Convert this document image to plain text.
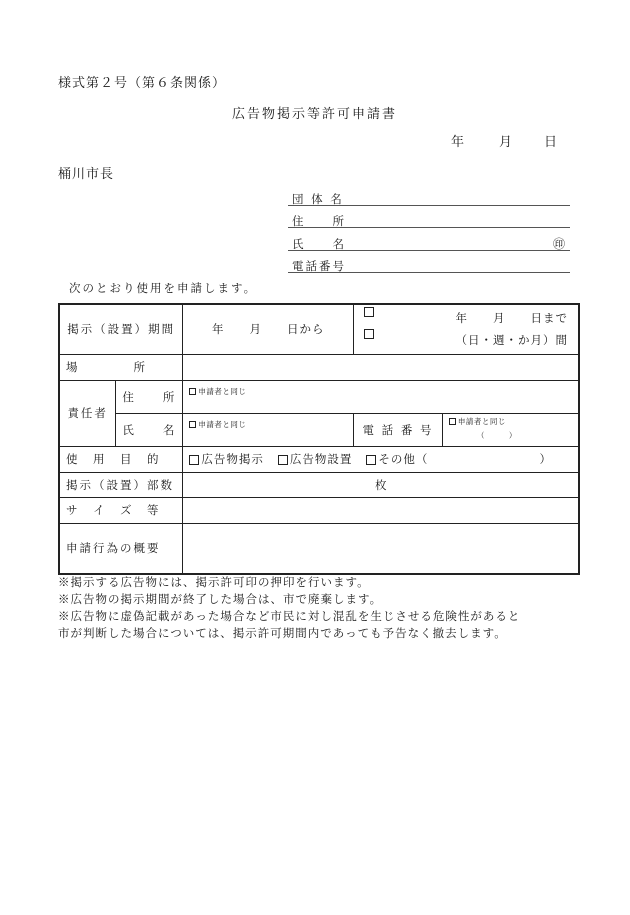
様式第２号（第６条関係）
広告物掲示等許可申請書
年	月 日
桶川市長
団 体 名
住　　所
氏　　名	㊞
電話番号
次のとおり使用を申請します。
掲示（設置）期間		年　　月　　日から	年　　月　　日まで
（日・週・か月）間	

場　　　　所				
責任者	住　　所	申請者と同じ		
	氏　　名	申請者と同じ	電 話 番 号	申請者と同じ
（　　　）

使　用　目　的		広告物掲示 広告物設置 その他（ ）		

掲示（設置）部数		枚		
サ　イ　ズ　等				
申請行為の概要				
※掲示する広告物には、掲示許可印の押印を行います。
※広告物の掲示期間が終了した場合は、市で廃棄します。
※広告物に虚偽記載があった場合など市民に対し混乱を生じさせる危険性があると
市が判断した場合については、掲示許可期間内であっても予告なく撤去します。
